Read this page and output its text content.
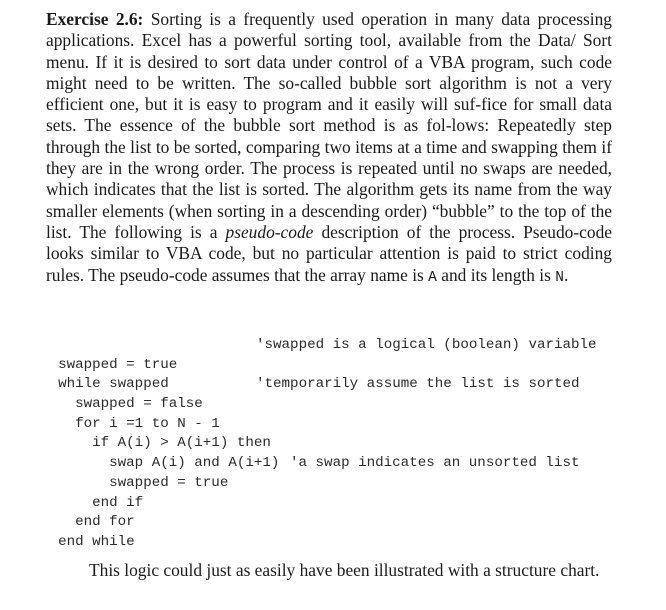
Exercise 2.6: Sorting is a frequently used operation in many data processing applications. Excel has a powerful sorting tool, available from the Data/ Sort menu. If it is desired to sort data under control of a VBA program, such code might need to be written. The so-called bubble sort algorithm is not a very efficient one, but it is easy to program and it easily will suf-fice for small data sets. The essence of the bubble sort method is as fol-lows: Repeatedly step through the list to be sorted, comparing two items at a time and swapping them if they are in the wrong order. The process is repeated until no swaps are needed, which indicates that the list is sorted. The algorithm gets its name from the way smaller elements (when sorting in a descending order) “bubble” to the top of the list. The following is a pseudo-code description of the process. Pseudo-code looks similar to VBA code, but no particular attention is paid to strict coding rules. The pseudo-code assumes that the array name is A and its length is N.

swapped = true

'swapped is a logical (boolean) variable

while swapped

swapped = false

'temporarily assume the list is sorted

for i =1 to N - 1

if A(i) > A(i+1) then

swap A(i) and A(i+1)

swapped = true

'a swap indicates an unsorted list

end if

end for

end while

This logic could just as easily have been illustrated with a structure chart.
